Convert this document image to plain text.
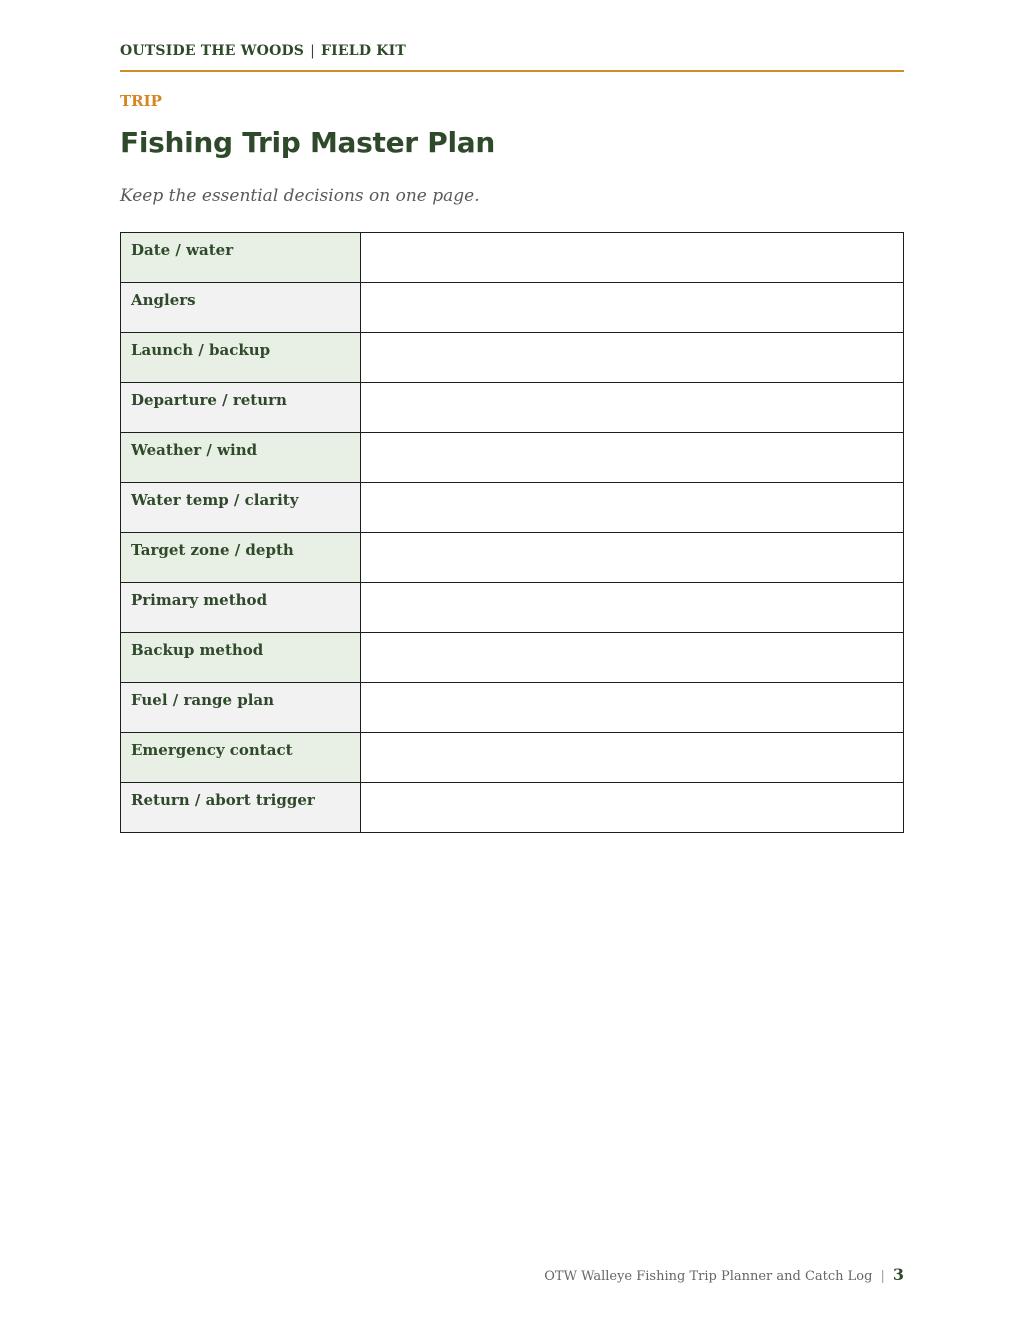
OUTSIDE THE WOODS | FIELD KIT
TRIP
Fishing Trip Master Plan
Keep the essential decisions on one page.
Date / water	
Anglers	
Launch / backup	
Departure / return	
Weather / wind	
Water temp / clarity	
Target zone / depth	
Primary method	
Backup method	
Fuel / range plan	
Emergency contact	
Return / abort trigger	
OTW Walleye Fishing Trip Planner and Catch Log | 3
